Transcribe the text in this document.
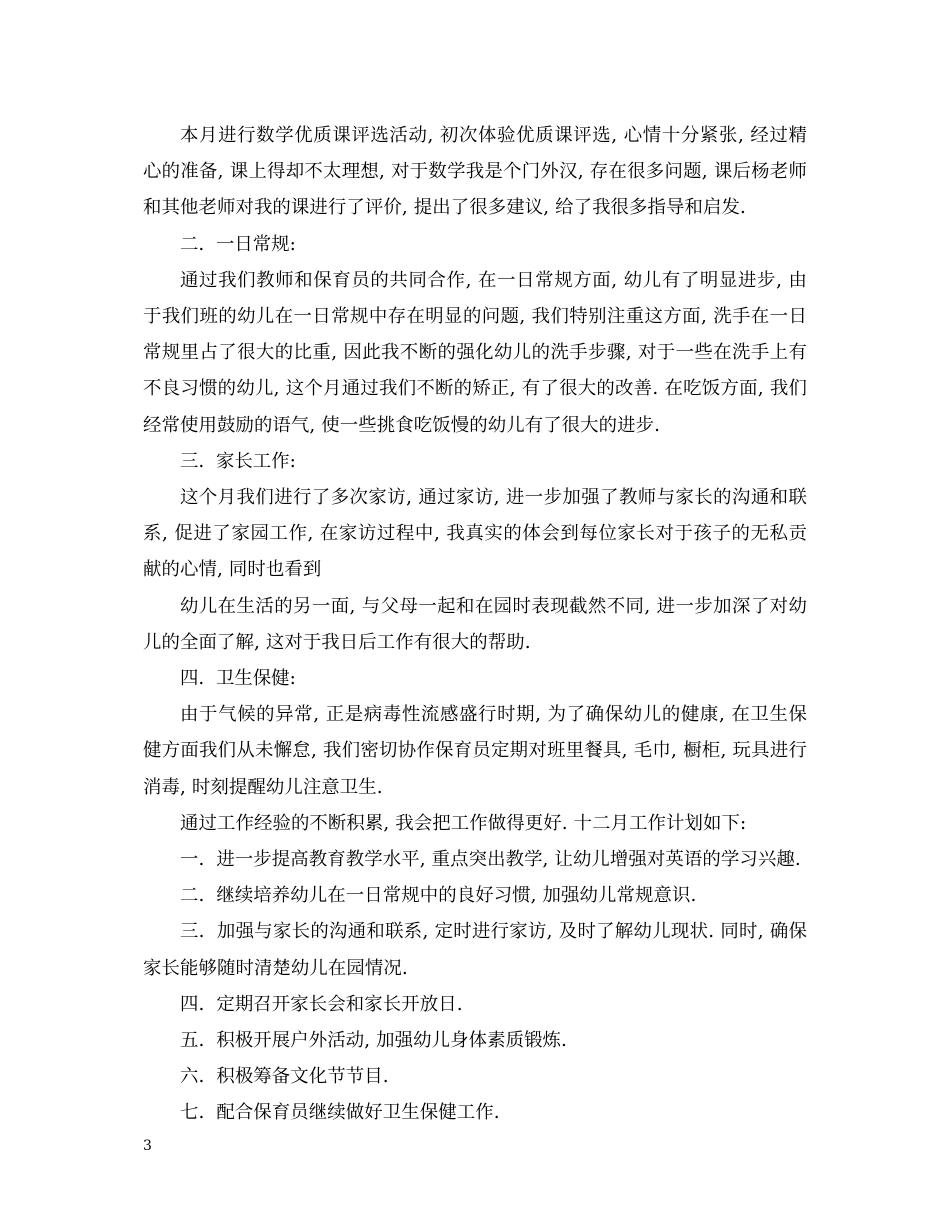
本月进行数学优质课评选活动, 初次体验优质课评选, 心情十分紧张, 经过精心的准备, 课上得却不太理想, 对于数学我是个门外汉, 存在很多问题, 课后杨老师和其他老师对我的课进行了评价, 提出了很多建议, 给了我很多指导和启发.

二. 一日常规:

通过我们教师和保育员的共同合作, 在一日常规方面, 幼儿有了明显进步, 由于我们班的幼儿在一日常规中存在明显的问题, 我们特别注重这方面, 洗手在一日常规里占了很大的比重, 因此我不断的强化幼儿的洗手步骤, 对于一些在洗手上有不良习惯的幼儿, 这个月通过我们不断的矫正, 有了很大的改善. 在吃饭方面, 我们经常使用鼓励的语气, 使一些挑食吃饭慢的幼儿有了很大的进步.

三. 家长工作:

这个月我们进行了多次家访, 通过家访, 进一步加强了教师与家长的沟通和联系, 促进了家园工作, 在家访过程中, 我真实的体会到每位家长对于孩子的无私贡献的心情, 同时也看到

幼儿在生活的另一面, 与父母一起和在园时表现截然不同, 进一步加深了对幼儿的全面了解, 这对于我日后工作有很大的帮助.

四. 卫生保健:

由于气候的异常, 正是病毒性流感盛行时期, 为了确保幼儿的健康, 在卫生保健方面我们从未懈怠, 我们密切协作保育员定期对班里餐具, 毛巾, 橱柜, 玩具进行消毒, 时刻提醒幼儿注意卫生.

通过工作经验的不断积累, 我会把工作做得更好. 十二月工作计划如下:

一.  进一步提高教育教学水平, 重点突出教学, 让幼儿增强对英语的学习兴趣.

二.  继续培养幼儿在一日常规中的良好习惯, 加强幼儿常规意识.

三.  加强与家长的沟通和联系, 定时进行家访, 及时了解幼儿现状. 同时, 确保家长能够随时清楚幼儿在园情况.

四.  定期召开家长会和家长开放日.

五.  积极开展户外活动, 加强幼儿身体素质锻炼.

六.  积极筹备文化节节目.

七.  配合保育员继续做好卫生保健工作.

3
